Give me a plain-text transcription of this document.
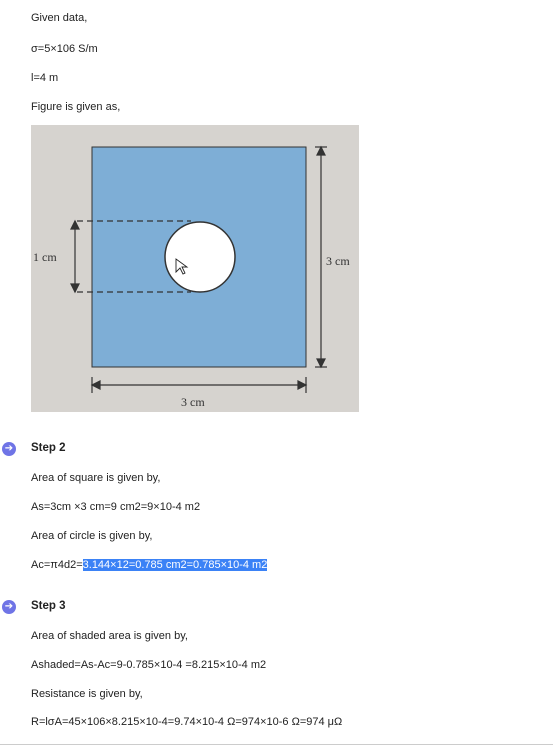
Given data,
σ=5×106 S/m
l=4 m
Figure is given as,
1 cm	3 cm
3 cm
➔ Step 2
Area of square is given by,
As=3cm ×3 cm=9 cm2=9×10-4 m2
Area of circle is given by,
Ac=π4d2=3.144×12=0.785 cm2=0.785×10-4 m2
➔ Step 3
Area of shaded area is given by,
Ashaded=As-Ac=9-0.785×10-4 =8.215×10-4 m2
Resistance is given by,
R=lσA=45×106×8.215×10-4=9.74×10-4 Ω=974×10-6 Ω=974 μΩ
